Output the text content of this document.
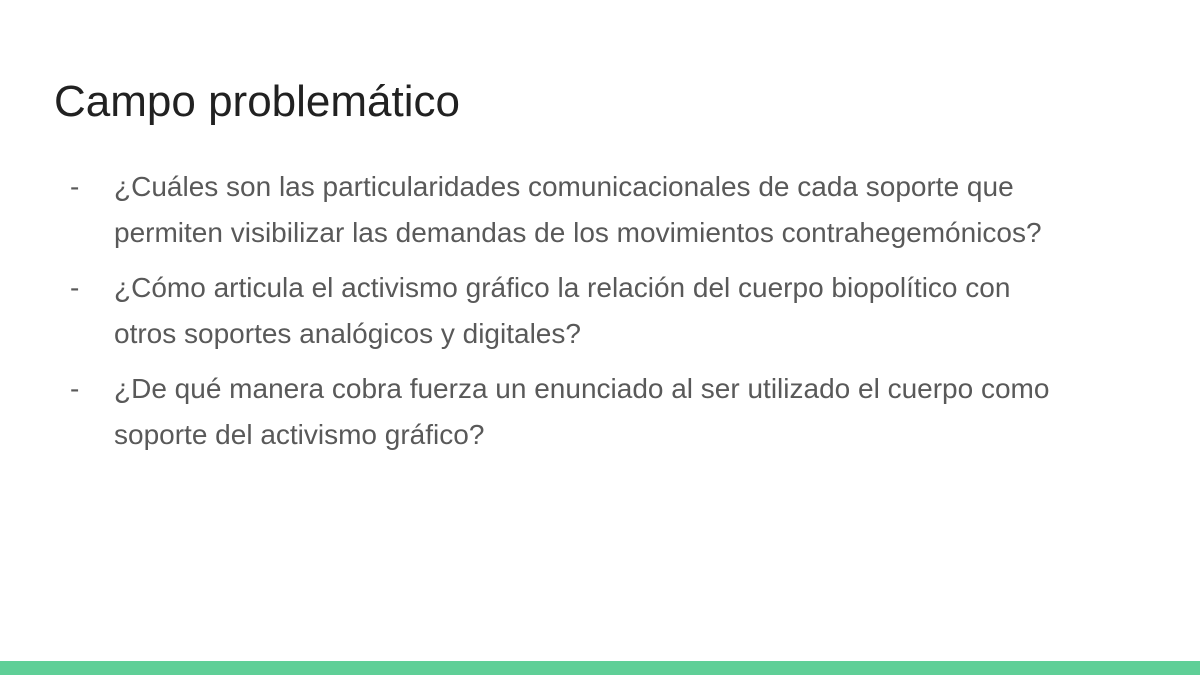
Campo problemático
-	¿Cuáles son las particularidades comunicacionales de cada soporte que permiten visibilizar las demandas de los movimientos contrahegemónicos?
-	¿Cómo articula el activismo gráfico la relación del cuerpo biopolítico con otros soportes analógicos y digitales?
-	¿De qué manera cobra fuerza un enunciado al ser utilizado el cuerpo como soporte del activismo gráfico?
